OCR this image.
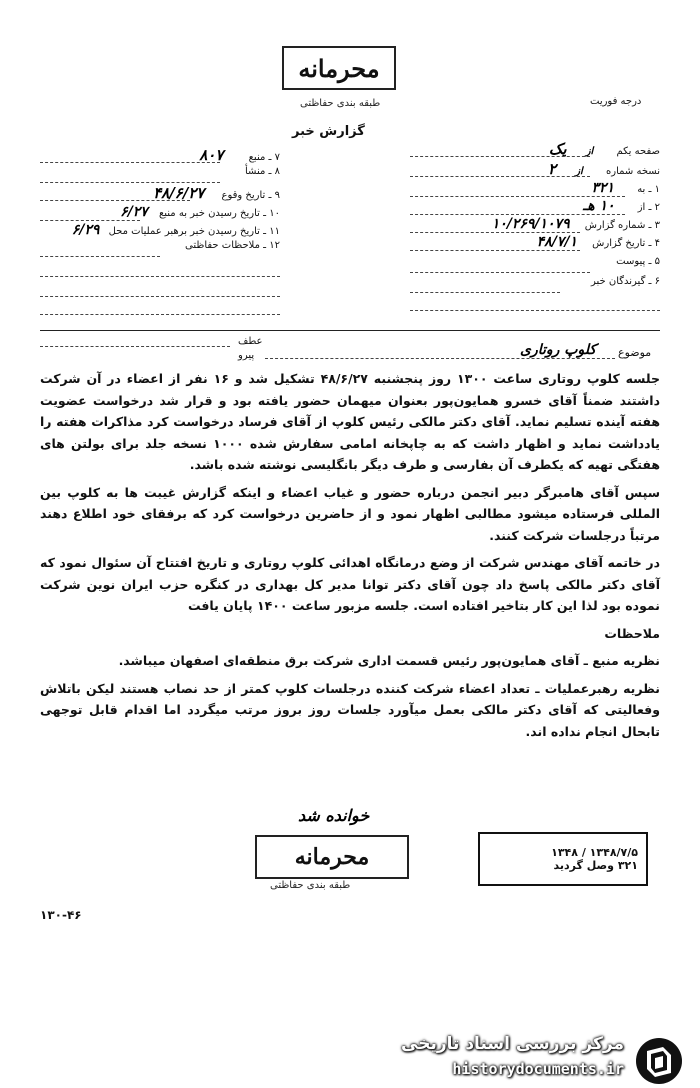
محرمانه
طبقه بندی حفاظتی
گزارش خبر
درجه فوریت
صفحه یکم از یک
نسخه شماره از ۲
۱ ـ به ۳۲۱
۲ ـ از ۱۰ هـ
۳ ـ شماره گزارش ۱۰/۲۶۹/۱۰۷۹
۴ ـ تاریخ گزارش ۴۸/۷/۱
۵ ـ پیوست
۶ ـ گیرندگان خبر
۷ ـ منبع ۸۰۷
۸ ـ منشأ
۹ ـ تاریخ وقوع ۴۸/۶/۲۷
۱۰ ـ تاریخ رسیدن خبر به منبع ۶/۲۷
۱۱ ـ تاریخ رسیدن خبر برهبر عملیات محل ۶/۲۹
۱۲ ـ ملاحظات حفاظتی
موضوع
کلوپ روتاری
عطف
پیرو

جلسه کلوپ روتاری ساعت ۱۳۰۰ روز پنجشنبه ۴۸/۶/۲۷ تشکیل شد و ۱۶ نفر از اعضاء در آن شرکت داشتند ضمناً آقای خسرو همایون‌پور بعنوان میهمان حضور یافته بود و قرار شد درخواست عضویت هفته آینده تسلیم نماید. آقای دکتر مالکی رئیس کلوپ از آقای فرساد درخواست کرد مذاکرات هفته را یادداشت نماید و اظهار داشت که به چاپخانه امامی سفارش شده ۱۰۰۰ نسخه جلد برای بولتن های هفتگی تهیه که یکطرف آن بفارسی و طرف دیگر بانگلیسی نوشته شده باشد.

سپس آقای هامبرگر دبیر انجمن درباره حضور و غیاب اعضاء و اینکه گزارش غیبت ها به کلوپ بین المللی فرستاده میشود مطالبی اظهار نمود و از حاضرین درخواست کرد که برفقای خود اطلاع دهند مرتباً درجلسات شرکت کنند.

در خاتمه آقای مهندس شرکت از وضع درمانگاه اهدائی کلوپ روتاری و تاریخ افتتاح آن سئوال نمود که آقای دکتر مالکی پاسخ داد چون آقای دکتر توانا مدیر کل بهداری در کنگره حزب ایران نوین شرکت نموده بود لذا این کار بتاخیر افتاده است. جلسه مزبور ساعت ۱۴۰۰ پایان یافت

ملاحظات

نظریه منبع ـ آقای همایون‌پور رئیس قسمت اداری شرکت برق منطقه‌ای اصفهان میباشد.

نظریه رهبرعملیات ـ تعداد اعضاء شرکت کننده درجلسات کلوپ کمتر از حد نصاب هستند لیکن باتلاش وفعالیتی که آقای دکتر مالکی بعمل میآورد جلسات روز بروز مرتب میگردد اما اقدام قابل توجهی تابحال انجام نداده اند.

خوانده شد
محرمانه
طبقه بندی حفاظتی
۱۳۴۸/۷/۵ / ۱۳۴۸
۳۲۱ وصل گردید
۱۳۰-۴۶
مرکز بررسی اسناد تاریخی
historydocuments.ir
